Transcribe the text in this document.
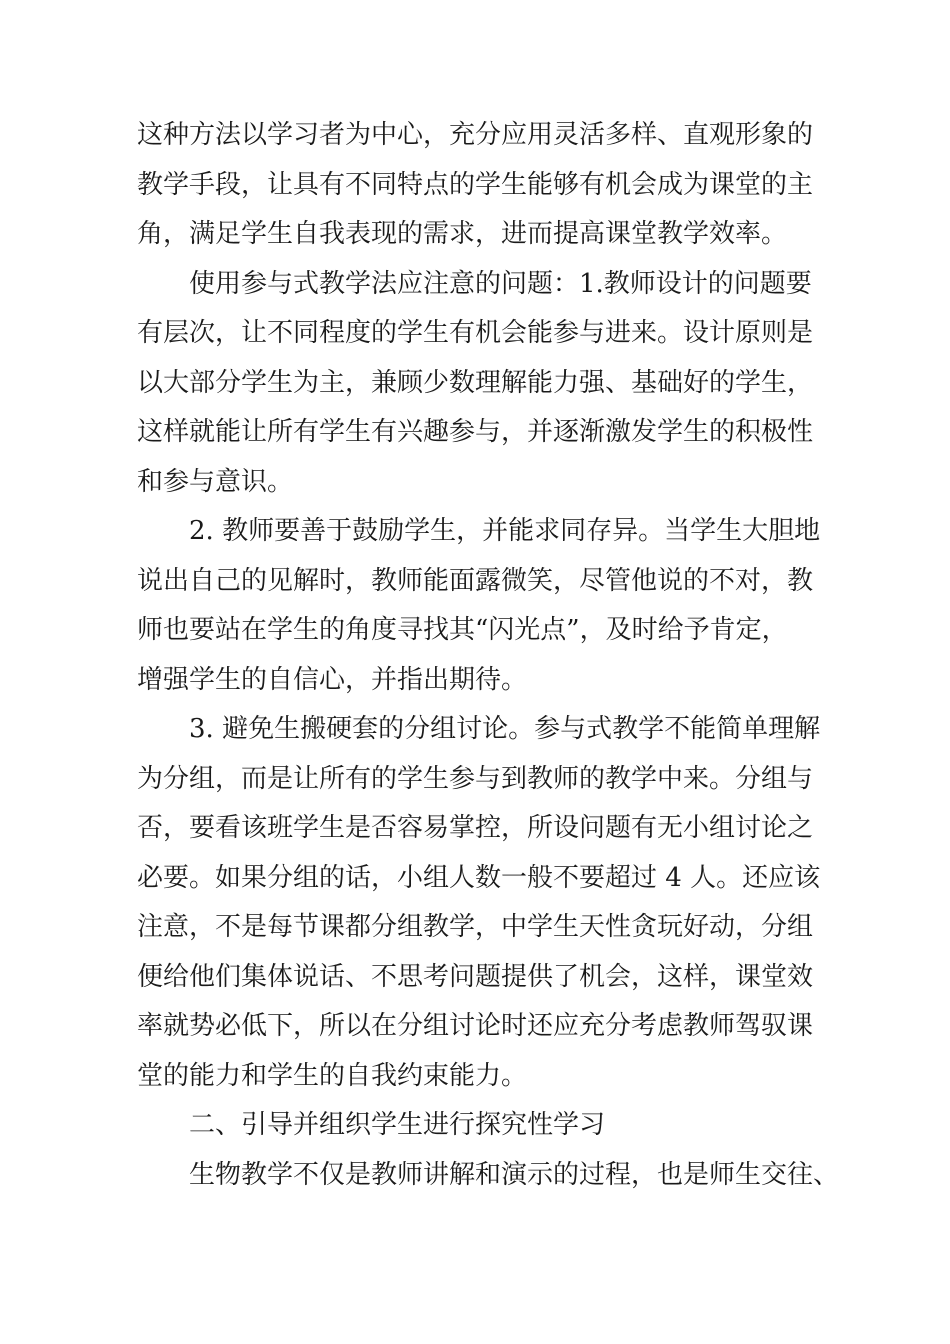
这种方法以学习者为中心，充分应用灵活多样、直观形象的
教学手段，让具有不同特点的学生能够有机会成为课堂的主
角，满足学生自我表现的需求，进而提高课堂教学效率。
使用参与式教学法应注意的问题：1.教师设计的问题要
有层次，让不同程度的学生有机会能参与进来。设计原则是
以大部分学生为主，兼顾少数理解能力强、基础好的学生，
这样就能让所有学生有兴趣参与，并逐渐激发学生的积极性
和参与意识。
2. 教师要善于鼓励学生，并能求同存异。当学生大胆地
说出自己的见解时，教师能面露微笑，尽管他说的不对，教
师也要站在学生的角度寻找其“闪光点”，及时给予肯定，
增强学生的自信心，并指出期待。
3. 避免生搬硬套的分组讨论。参与式教学不能简单理解
为分组，而是让所有的学生参与到教师的教学中来。分组与
否，要看该班学生是否容易掌控，所设问题有无小组讨论之
必要。如果分组的话，小组人数一般不要超过 4 人。还应该
注意，不是每节课都分组教学，中学生天性贪玩好动，分组
便给他们集体说话、不思考问题提供了机会，这样，课堂效
率就势必低下，所以在分组讨论时还应充分考虑教师驾驭课
堂的能力和学生的自我约束能力。
二、引导并组织学生进行探究性学习
生物教学不仅是教师讲解和演示的过程，也是师生交往、
